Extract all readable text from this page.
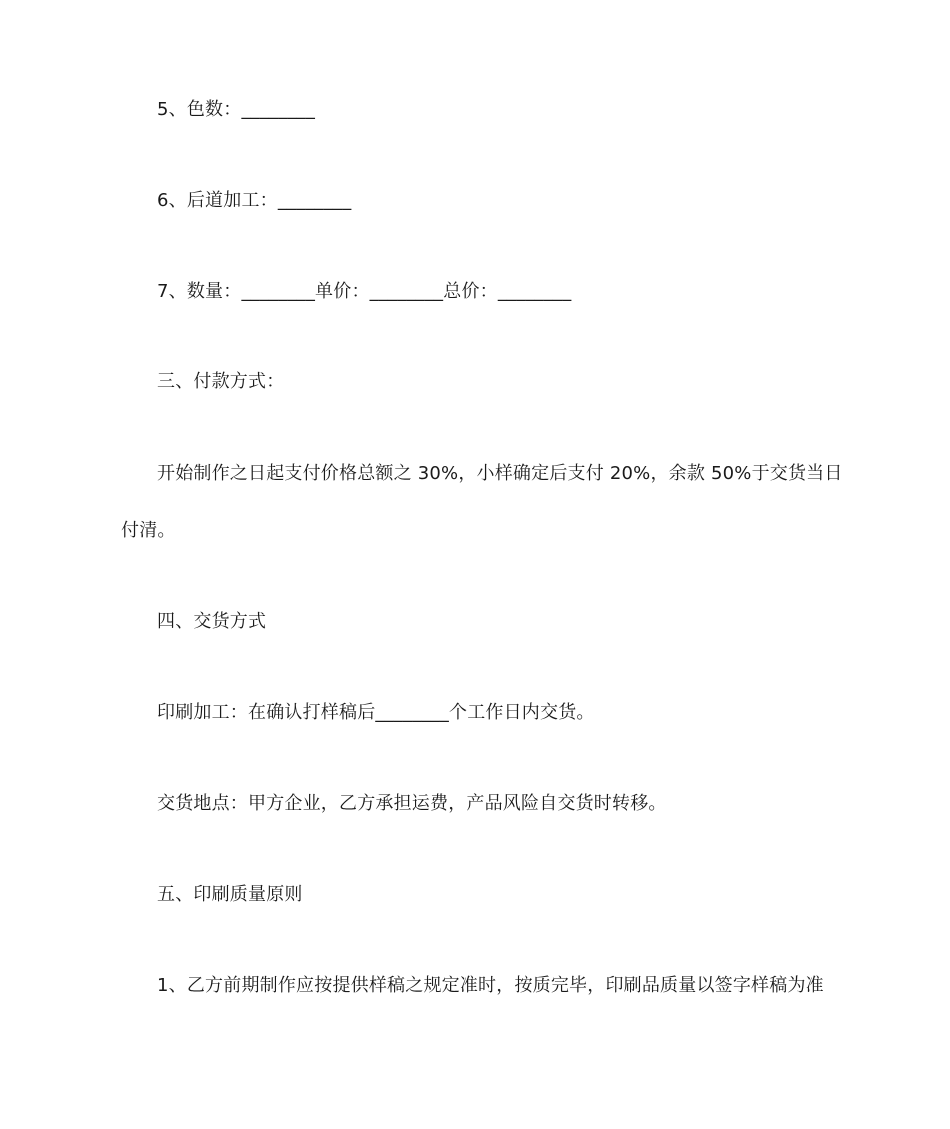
5、色数：________
6、后道加工：________
7、数量：________单价：________总价：________
三、付款方式：
开始制作之日起支付价格总额之 30%，小样确定后支付 20%，余款 50%于交货当日
付清。
四、交货方式
印刷加工：在确认打样稿后________个工作日内交货。
交货地点：甲方企业，乙方承担运费，产品风险自交货时转移。
五、印刷质量原则
1、乙方前期制作应按提供样稿之规定准时，按质完毕，印刷品质量以签字样稿为准
